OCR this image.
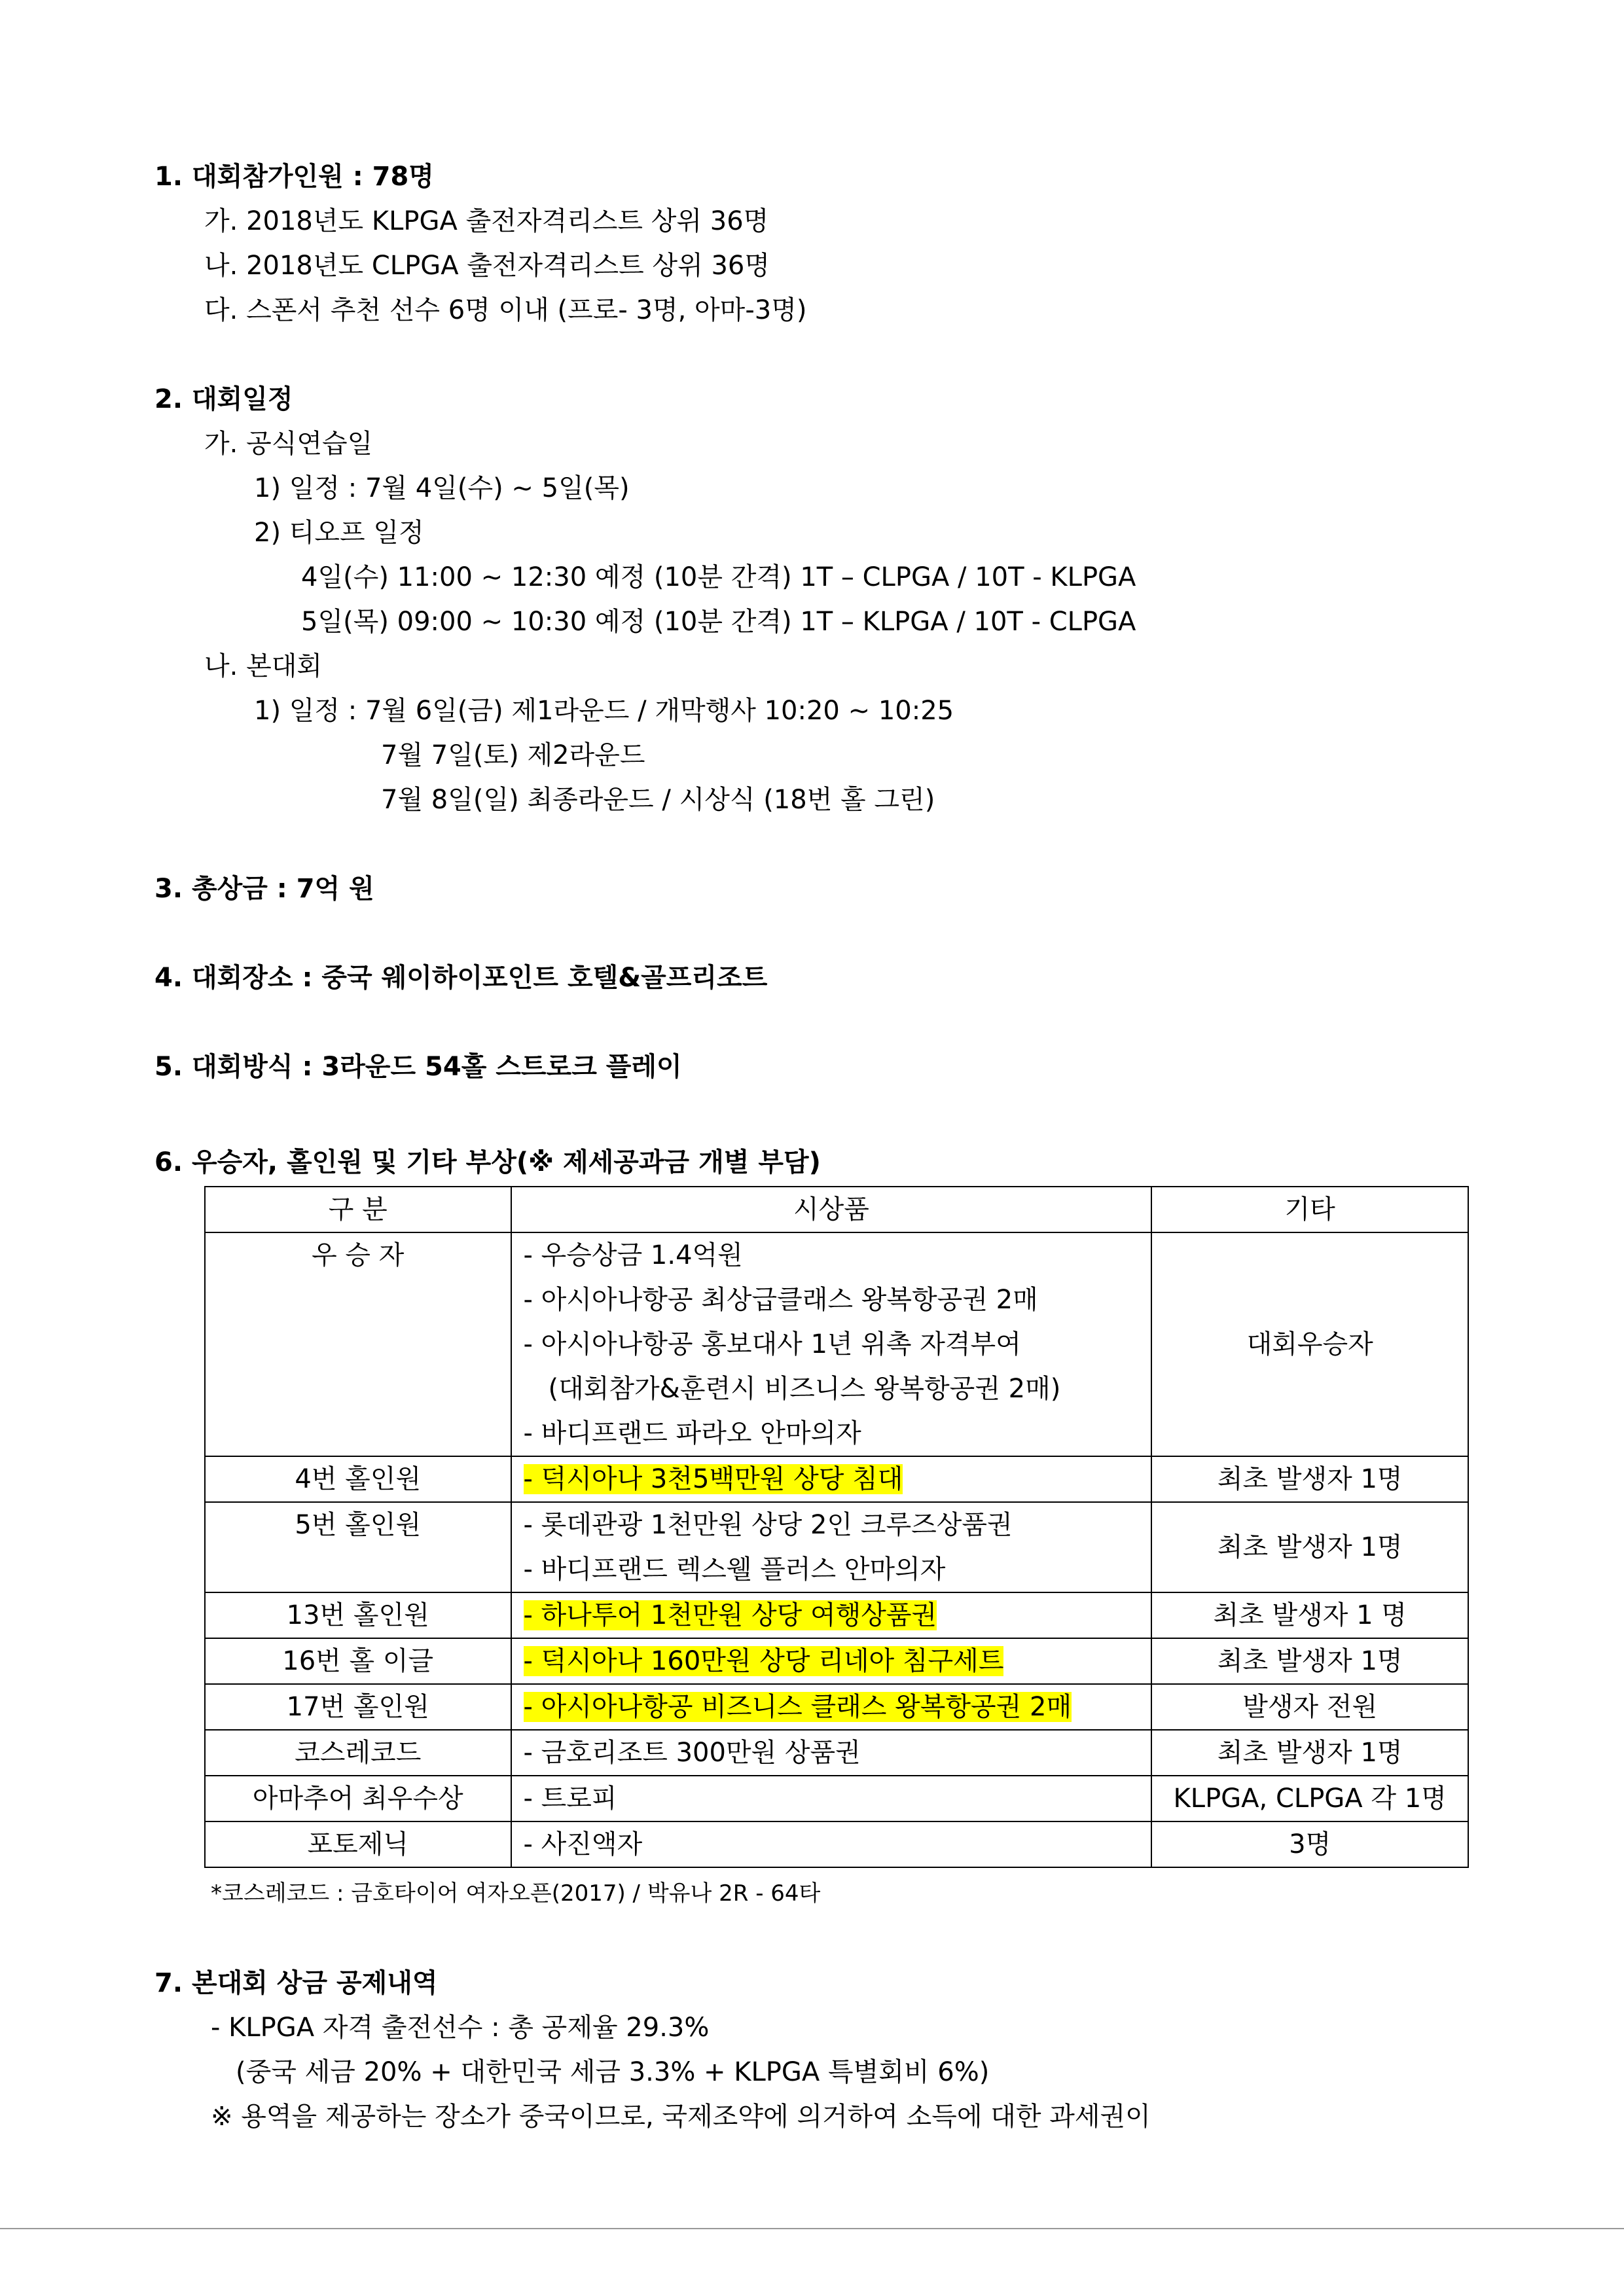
1. 대회참가인원 : 78명
가. 2018년도 KLPGA 출전자격리스트 상위 36명
나. 2018년도 CLPGA 출전자격리스트 상위 36명
다. 스폰서 추천 선수 6명 이내 (프로- 3명, 아마-3명)
2. 대회일정
가. 공식연습일
1) 일정 : 7월 4일(수) ~ 5일(목)
2) 티오프 일정
4일(수) 11:00 ~ 12:30 예정 (10분 간격) 1T – CLPGA / 10T - KLPGA
5일(목) 09:00 ~ 10:30 예정 (10분 간격) 1T – KLPGA / 10T - CLPGA
나. 본대회
1) 일정 : 7월 6일(금) 제1라운드 / 개막행사 10:20 ~ 10:25
7월 7일(토) 제2라운드
7월 8일(일) 최종라운드 / 시상식 (18번 홀 그린)
3. 총상금 : 7억 원
4. 대회장소 : 중국 웨이하이포인트 호텔&골프리조트
5. 대회방식 : 3라운드 54홀 스트로크 플레이
6. 우승자, 홀인원 및 기타 부상(※ 제세공과금 개별 부담)
구 분	시상품	기타
우 승 자	- 우승상금 1.4억원
- 아시아나항공 최상급클래스 왕복항공권 2매
- 아시아나항공 홍보대사 1년 위촉 자격부여
(대회참가&훈련시 비즈니스 왕복항공권 2매)
- 바디프랜드 파라오 안마의자	대회우승자
4번 홀인원	- 덕시아나 3천5백만원 상당 침대	최초 발생자 1명
5번 홀인원	- 롯데관광 1천만원 상당 2인 크루즈상품권
- 바디프랜드 렉스웰 플러스 안마의자	최초 발생자 1명
13번 홀인원	- 하나투어 1천만원 상당 여행상품권	최초 발생자 1 명
16번 홀 이글	- 덕시아나 160만원 상당 리네아 침구세트	최초 발생자 1명
17번 홀인원	- 아시아나항공 비즈니스 클래스 왕복항공권 2매	발생자 전원
코스레코드	- 금호리조트 300만원 상품권	최초 발생자 1명
아마추어 최우수상	- 트로피	KLPGA, CLPGA 각 1명
포토제닉	- 사진액자	3명
*코스레코드 : 금호타이어 여자오픈(2017) / 박유나 2R - 64타
7. 본대회 상금 공제내역
- KLPGA 자격 출전선수 : 총 공제율 29.3%
(중국 세금 20% + 대한민국 세금 3.3% + KLPGA 특별회비 6%)
※ 용역을 제공하는 장소가 중국이므로, 국제조약에 의거하여 소득에 대한 과세권이
